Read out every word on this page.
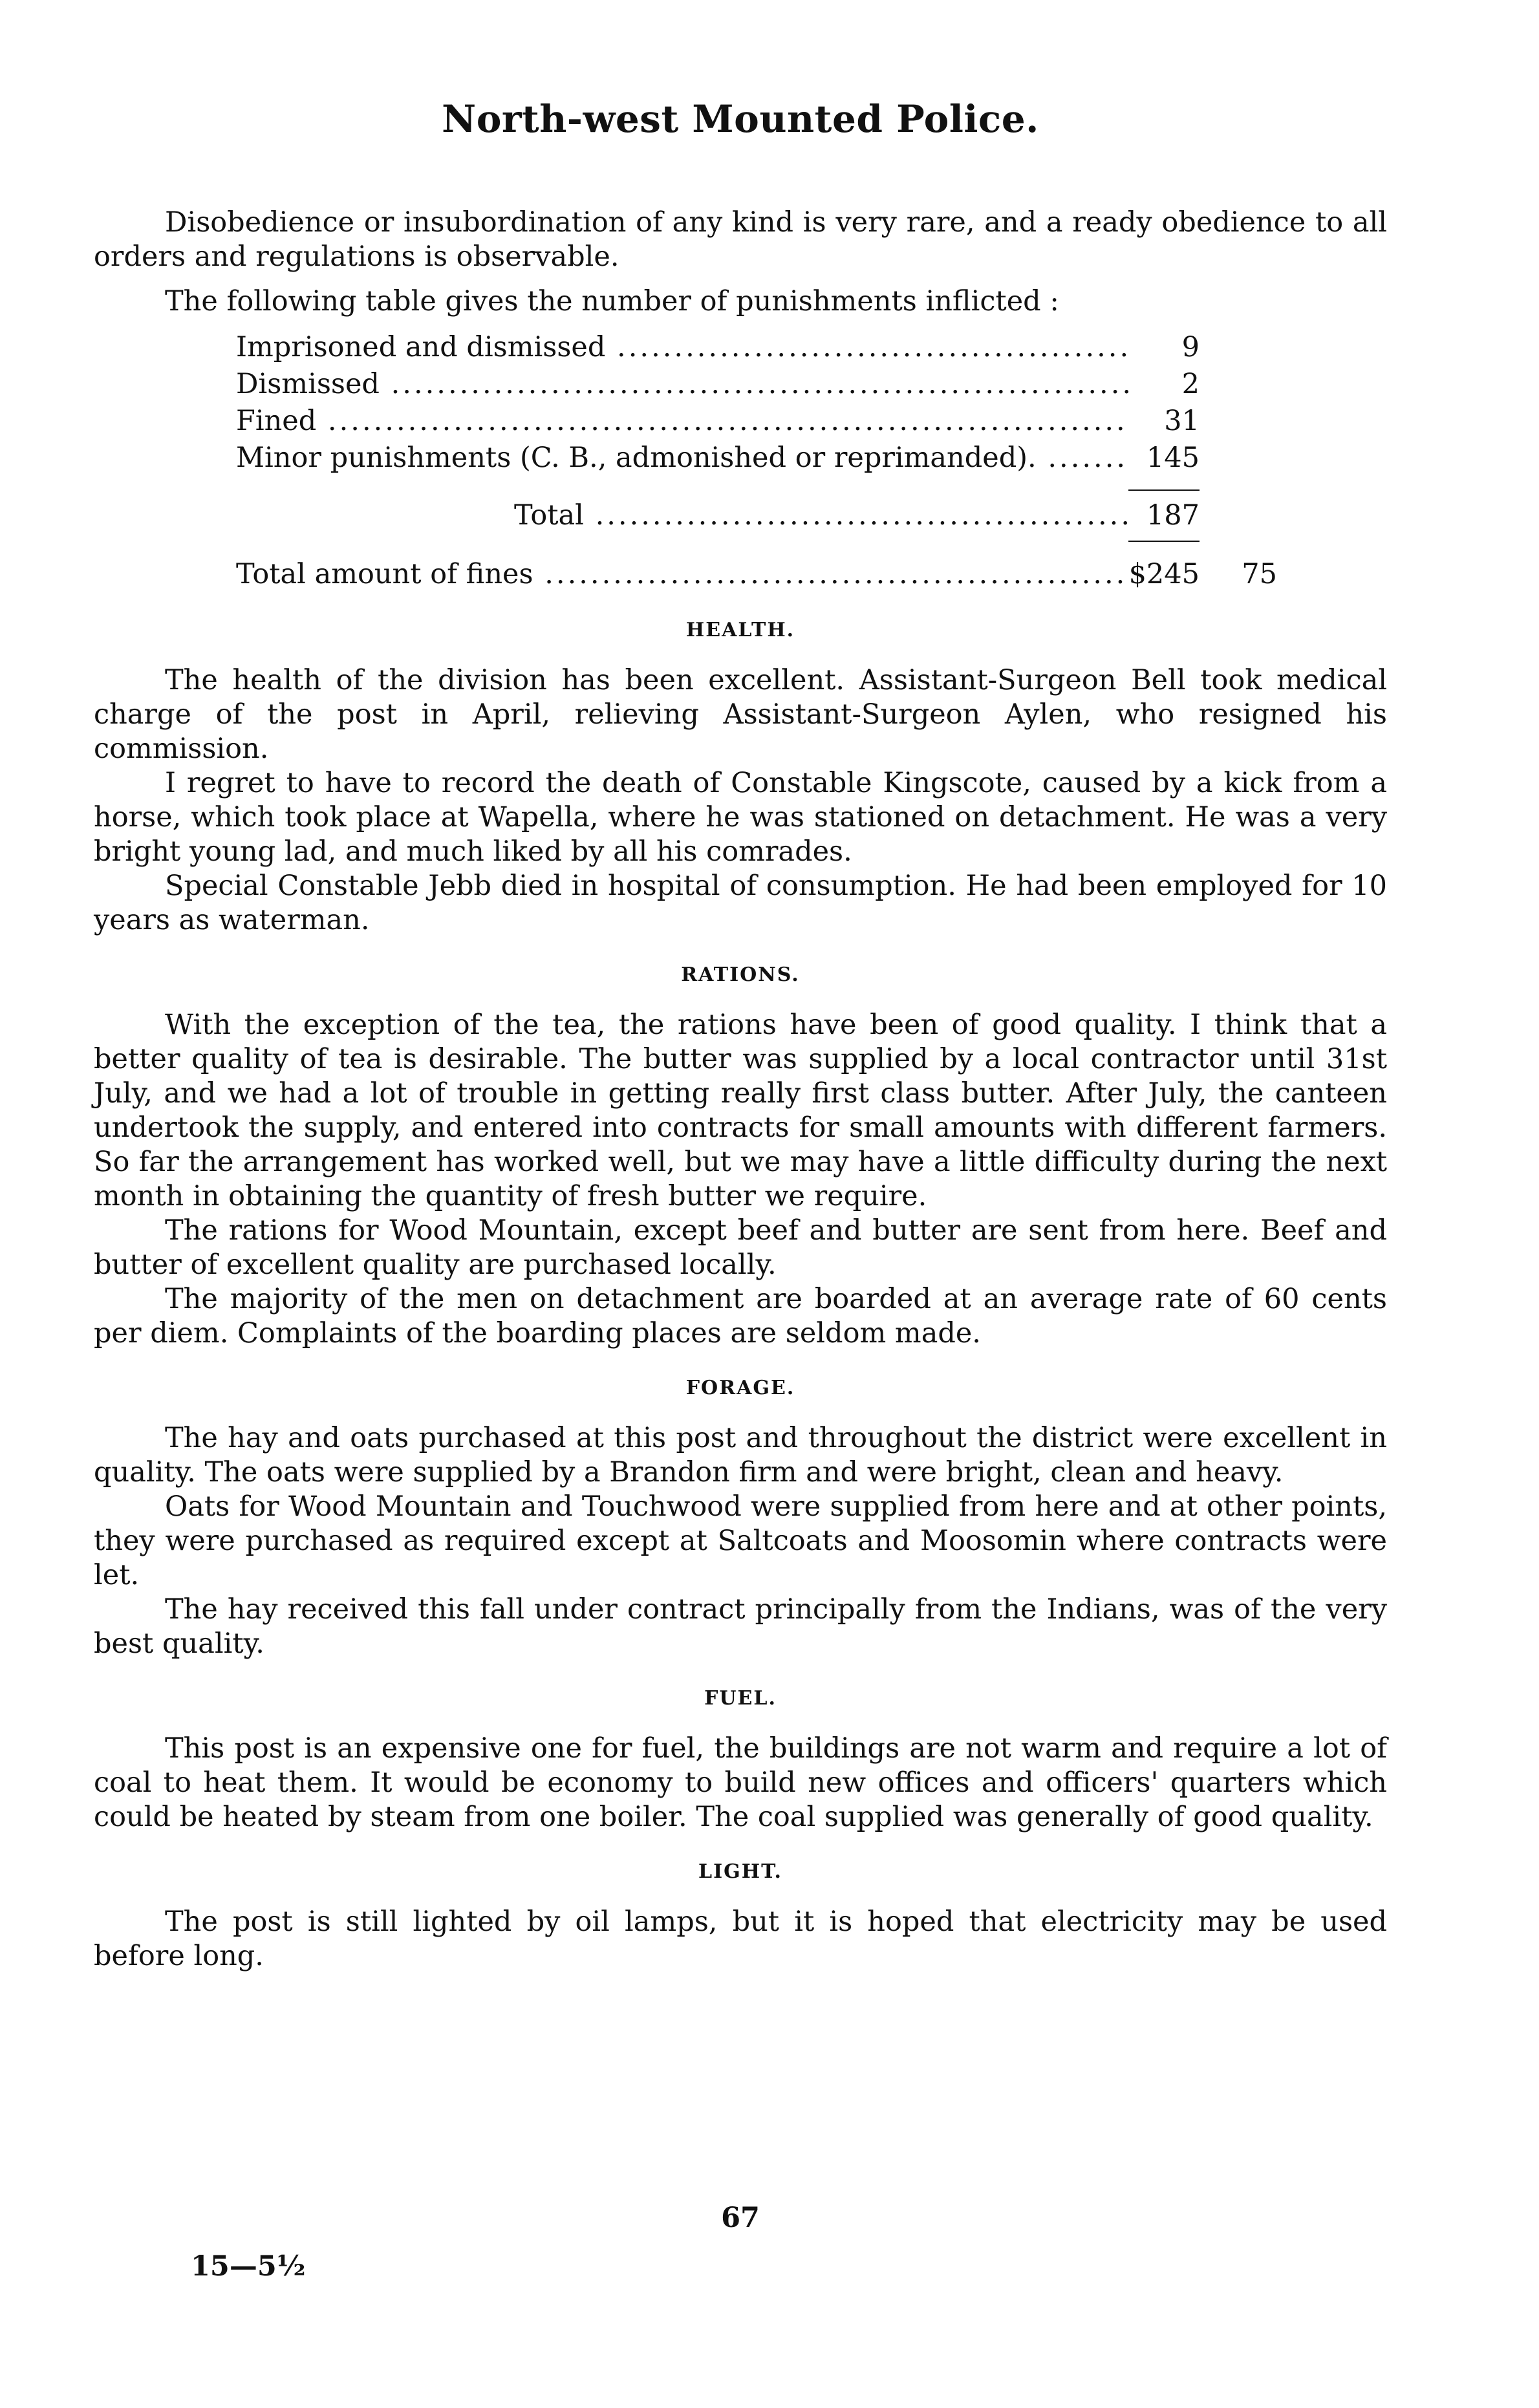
North-west Mounted Police.

Disobedience or insubordination of any kind is very rare, and a ready obedience to all orders and regulations is observable.

The following table gives the number of punishments inflicted :

Imprisoned and dismissed .....	9
Dismissed .....	2
Fined .....	31
Minor punishments (C. B., admonished or reprimanded). .....	145
Total .....	187
Total amount of fines .....	$245	75
HEALTH.

The health of the division has been excellent. Assistant-Surgeon Bell took medical charge of the post in April, relieving Assistant-Surgeon Aylen, who resigned his commission.

I regret to have to record the death of Constable Kingscote, caused by a kick from a horse, which took place at Wapella, where he was stationed on detachment. He was a very bright young lad, and much liked by all his comrades.

Special Constable Jebb died in hospital of consumption. He had been employed for 10 years as waterman.

RATIONS.

With the exception of the tea, the rations have been of good quality. I think that a better quality of tea is desirable. The butter was supplied by a local contractor until 31st July, and we had a lot of trouble in getting really first class butter. After July, the canteen undertook the supply, and entered into contracts for small amounts with different farmers. So far the arrangement has worked well, but we may have a little difficulty during the next month in obtaining the quantity of fresh butter we require.

The rations for Wood Mountain, except beef and butter are sent from here. Beef and butter of excellent quality are purchased locally.

The majority of the men on detachment are boarded at an average rate of 60 cents per diem. Complaints of the boarding places are seldom made.

FORAGE.

The hay and oats purchased at this post and throughout the district were excellent in quality. The oats were supplied by a Brandon firm and were bright, clean and heavy.

Oats for Wood Mountain and Touchwood were supplied from here and at other points, they were purchased as required except at Saltcoats and Moosomin where contracts were let.

The hay received this fall under contract principally from the Indians, was of the very best quality.

FUEL.

This post is an expensive one for fuel, the buildings are not warm and require a lot of coal to heat them. It would be economy to build new offices and officers' quarters which could be heated by steam from one boiler. The coal supplied was generally of good quality.

LIGHT.

The post is still lighted by oil lamps, but it is hoped that electricity may be used before long.

67
15—5½
